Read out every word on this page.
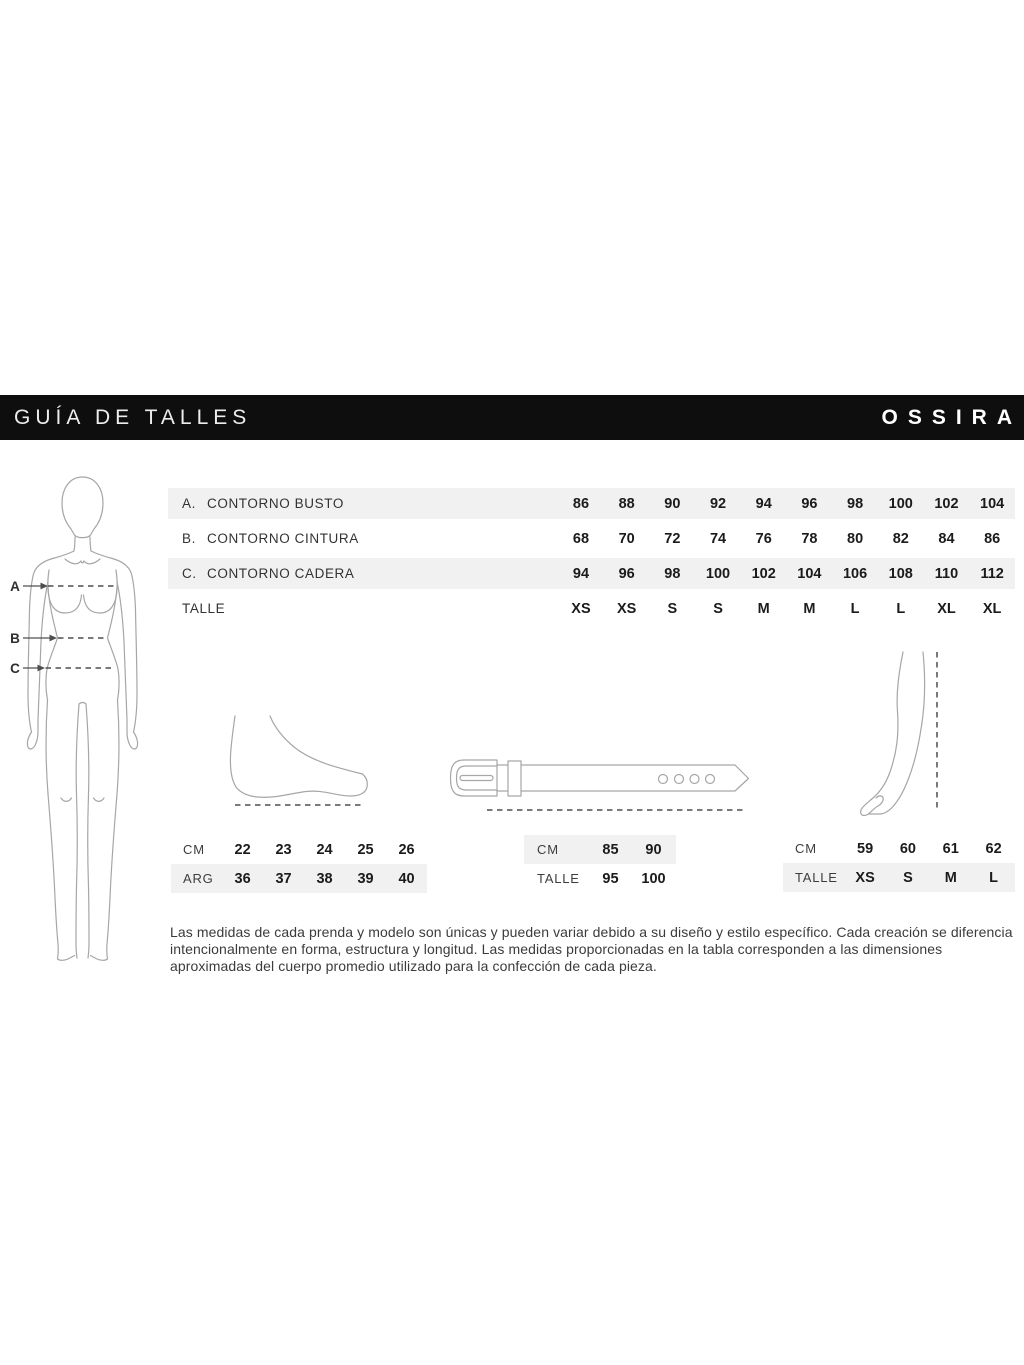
GUÍA DE TALLES	OSSIRA
A
B
C
A. CONTORNO BUSTO	86	88	90	92	94	96	98	100	102	104
B. CONTORNO CINTURA	68	70	72	74	76	78	80	82	84	86
C. CONTORNO CADERA	94	96	98	100	102	104	106	108	110	112
TALLE	XS	XS	S	S	M	M	L	L	XL	XL
CM	22	23	24	25	26
ARG	36	37	38	39	40
CM	85	90
TALLE	95	100
CM	59	60	61	62
TALLE	XS	S	M	L

Las medidas de cada prenda y modelo son únicas y pueden variar debido a su diseño y estilo específico. Cada creación se diferencia intencionalmente en forma, estructura y longitud. Las medidas proporcionadas en la tabla corresponden a las dimensiones aproximadas del cuerpo promedio utilizado para la confección de cada pieza.
